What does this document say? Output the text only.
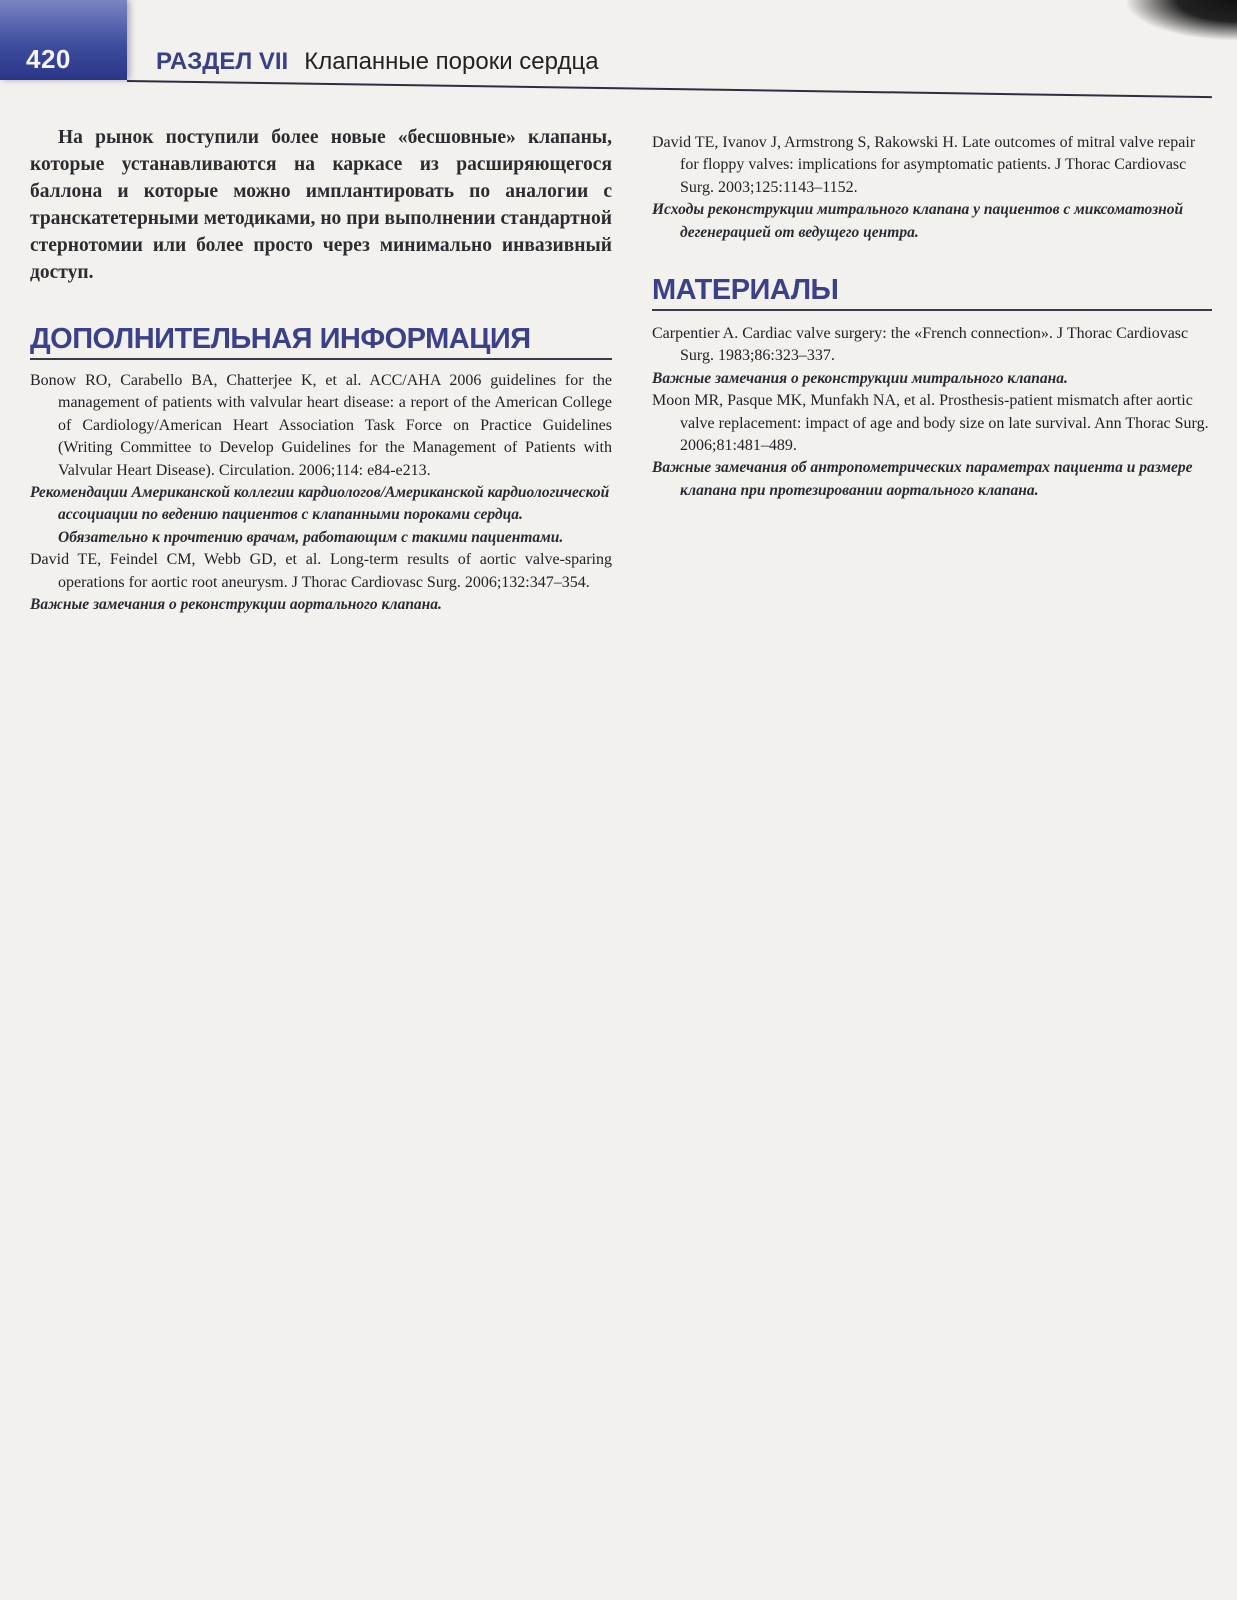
420	РАЗДЕЛ VII Клапанные пороки сердца

На рынок поступили более новые «бесшовные» клапаны, которые устанавливаются на каркасе из расширяющегося баллона и которые можно имплантировать по аналогии с транскатетерными методиками, но при выполнении стандартной стернотомии или более просто через минимально инвазивный доступ.

ДОПОЛНИТЕЛЬНАЯ ИНФОРМАЦИЯ

Bonow RO, Carabello BA, Chatterjee K, et al. ACC/AHA 2006 guidelines for the management of patients with valvular heart disease: a report of the American College of Cardiology/American Heart Association Task Force on Practice Guidelines (Writing Committee to Develop Guidelines for the Management of Patients with Valvular Heart Disease). Circulation. 2006;114: e84-e213.

Рекомендации Американской коллегии кардиологов/Американской кардиологической ассоциации по ведению пациентов с клапанными пороками сердца. Обязательно к прочтению врачам, работающим с такими пациентами.

David TE, Feindel CM, Webb GD, et al. Long-term results of aortic valve-sparing operations for aortic root aneurysm. J Thorac Cardiovasc Surg. 2006;132:347–354.

Важные замечания о реконструкции аортального клапана.

David TE, Ivanov J, Armstrong S, Rakowski H. Late outcomes of mitral valve repair for floppy valves: implications for asymptomatic patients. J Thorac Cardiovasc Surg. 2003;125:1143–1152.

Исходы реконструкции митрального клапана у пациентов с миксоматозной дегенерацией от ведущего центра.

МАТЕРИАЛЫ

Carpentier A. Cardiac valve surgery: the «French connection». J Thorac Cardiovasc Surg. 1983;86:323–337.

Важные замечания о реконструкции митрального клапана.

Moon MR, Pasque MK, Munfakh NA, et al. Prosthesis-patient mismatch after aortic valve replacement: impact of age and body size on late survival. Ann Thorac Surg. 2006;81:481–489.

Важные замечания об антропометрических параметрах пациента и размере клапана при протезировании аортального клапана.
